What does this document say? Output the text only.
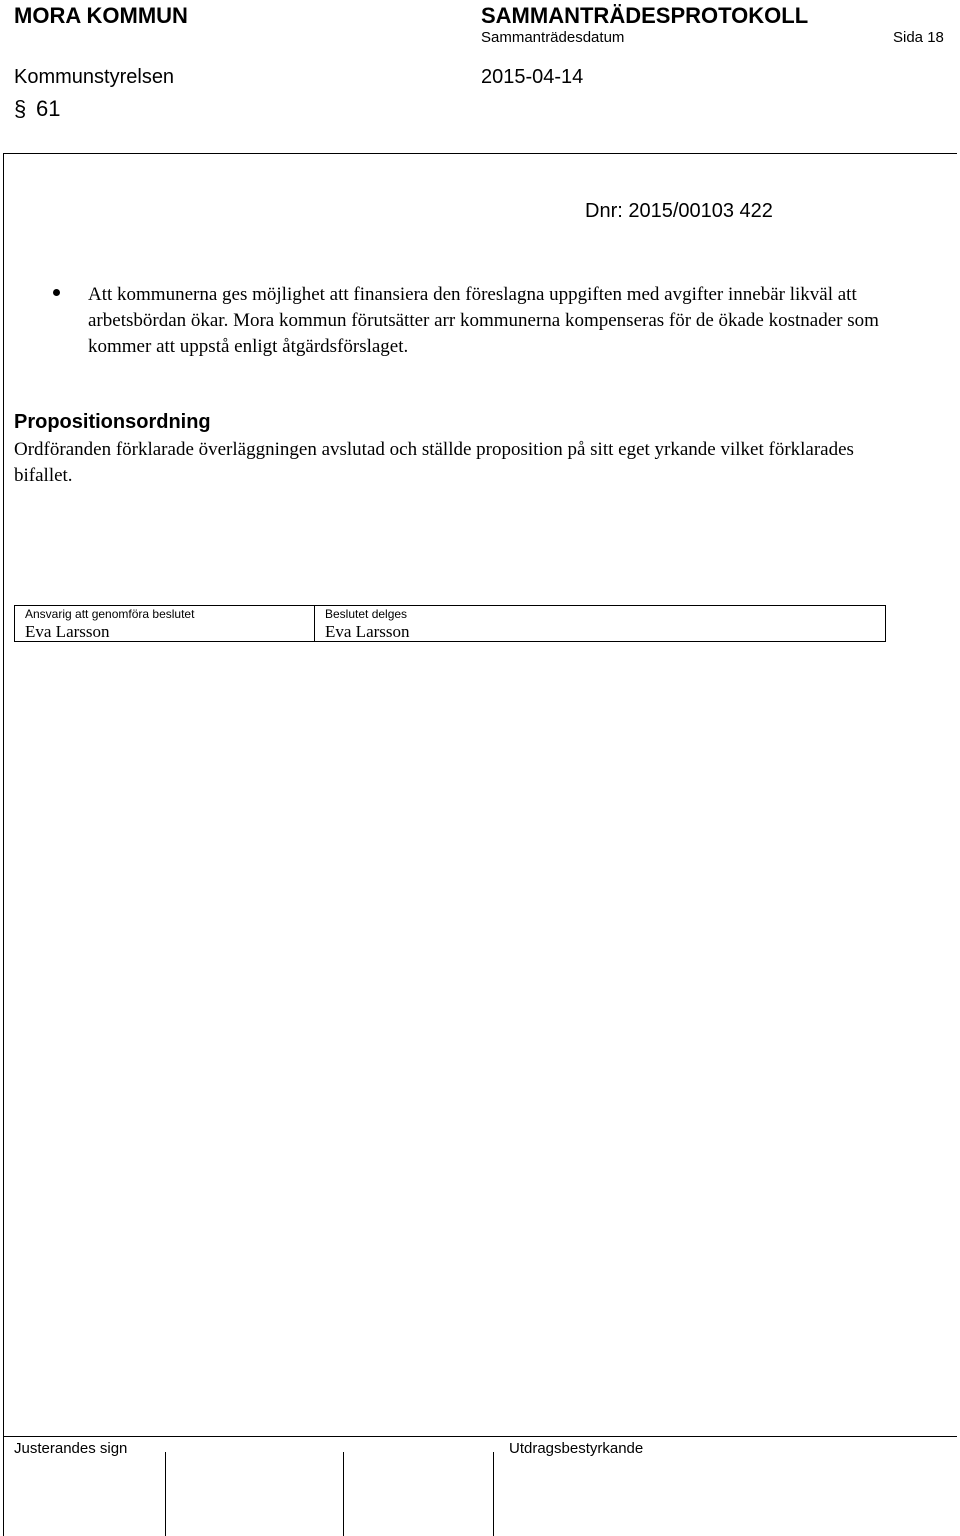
MORA KOMMUN	SAMMANTRÄDESPROTOKOLL
Sammanträdesdatum	Sida 18
Kommunstyrelsen	2015-04-14
§ 61
Dnr: 2015/00103 422
Att kommunerna ges möjlighet att finansiera den föreslagna uppgiften med avgifter innebär likväl att arbetsbördan ökar. Mora kommun förutsätter arr kommunerna kompenseras för de ökade kostnader som kommer att uppstå enligt åtgärdsförslaget.
Propositionsordning
Ordföranden förklarade överläggningen avslutad och ställde proposition på sitt eget yrkande vilket förklarades bifallet.
Ansvarig att genomföra beslutet
Eva Larsson
Beslutet delges
Eva Larsson
Justerandes sign	Utdragsbestyrkande
